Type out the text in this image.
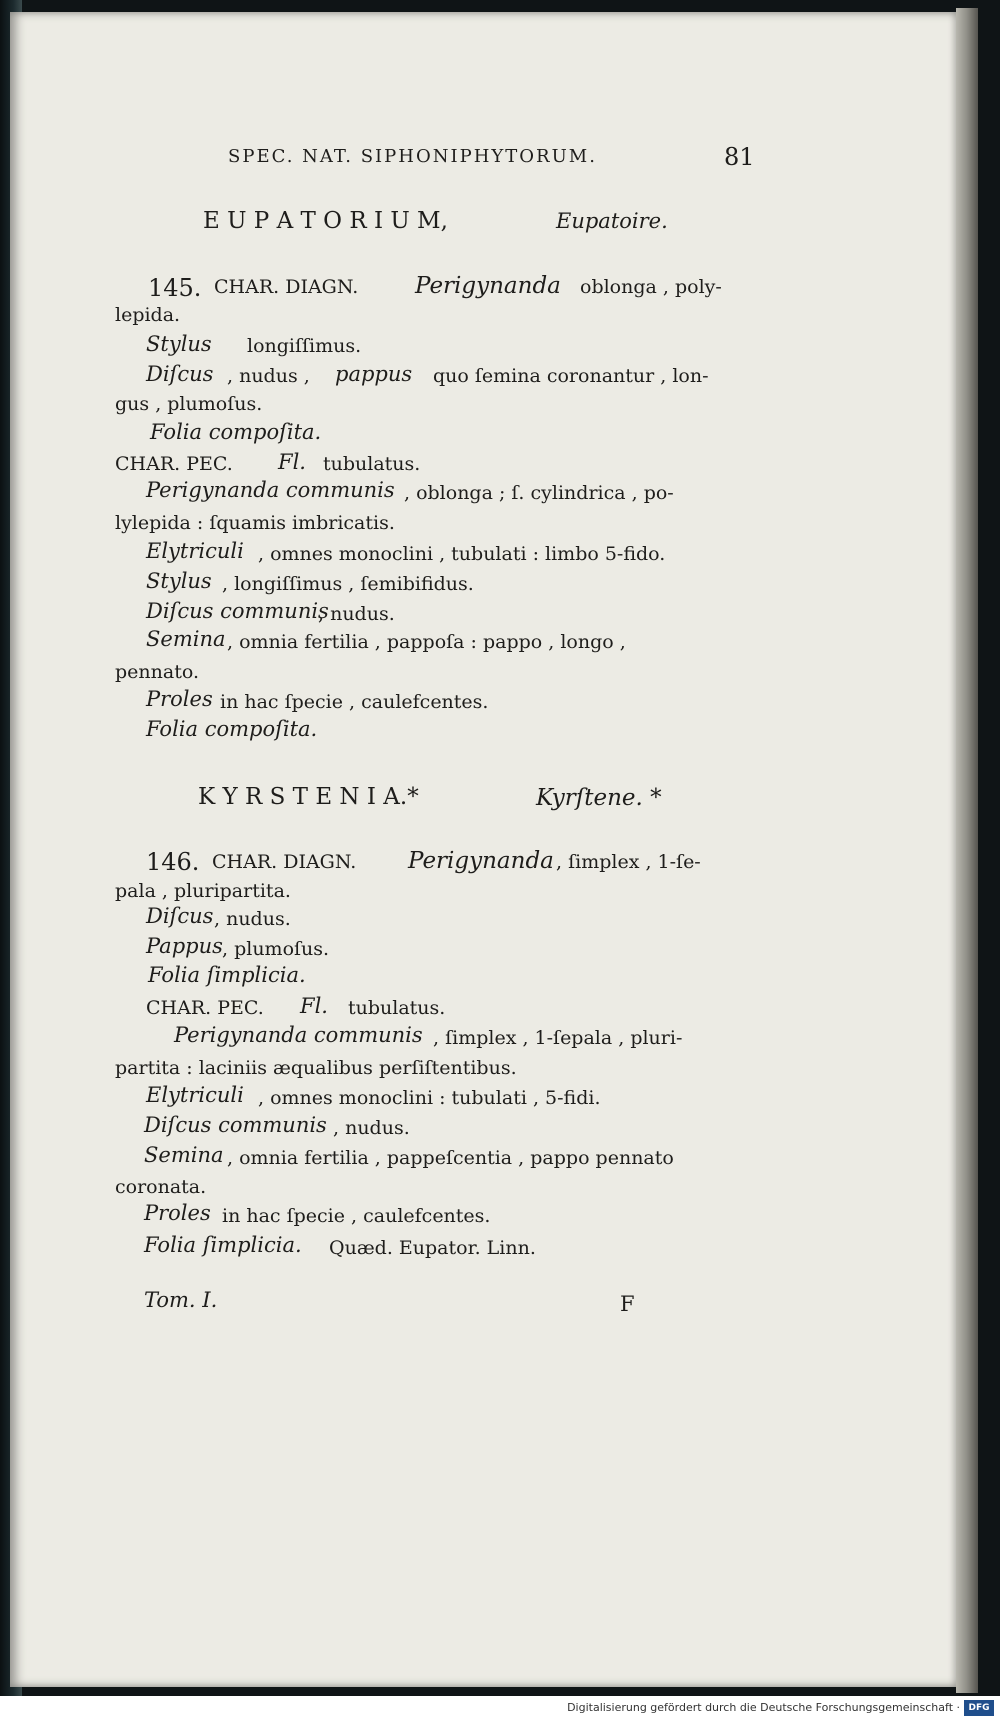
SPEC. NAT. SIPHONIPHYTORUM.	81
E U P A T O R I U M,	Eupatoire.
145. CHAR. DIAGN. Perigynanda oblonga , poly-
lepida.
Stylus longiſſimus.
Diſcus , nudus , pappus quo ſemina coronantur , lon-
gus , plumoſus.
Folia compoſita.
CHAR. PEC. Fl. tubulatus.
Perigynanda communis , oblonga ; ſ. cylindrica , po-
lylepida : ſquamis imbricatis.
Elytriculi , omnes monoclini , tubulati : limbo 5-fido.
Stylus , longiſſimus , ſemibifidus.
Diſcus communis
, nudus.
Semina , omnia fertilia , pappoſa : pappo , longo ,
pennato.
Proles in hac ſpecie , caulefcentes.
Folia compoſita.
K Y R S T E N I A.*	Kyrſtene. *
146. CHAR. DIAGN. Perigynanda , ſimplex , 1-ſe-
pala , pluripartita.
Diſcus , nudus.
Pappus , plumoſus.
Folia ſimplicia.
CHAR. PEC. Fl. tubulatus.
Perigynanda communis , ſimplex , 1-ſepala , pluri-
partita : laciniis æqualibus perſiſtentibus.
Elytriculi , omnes monoclini : tubulati , 5-fidi.
Diſcus communis , nudus.
Semina , omnia fertilia , pappeſcentia , pappo pennato
coronata.
Proles in hac ſpecie , caulefcentes.
Folia ſimplicia. Quæd. Eupator. Linn.
Tom. I.	F
Digitalisierung gefördert durch die Deutsche Forschungsgemeinschaft · DFG
